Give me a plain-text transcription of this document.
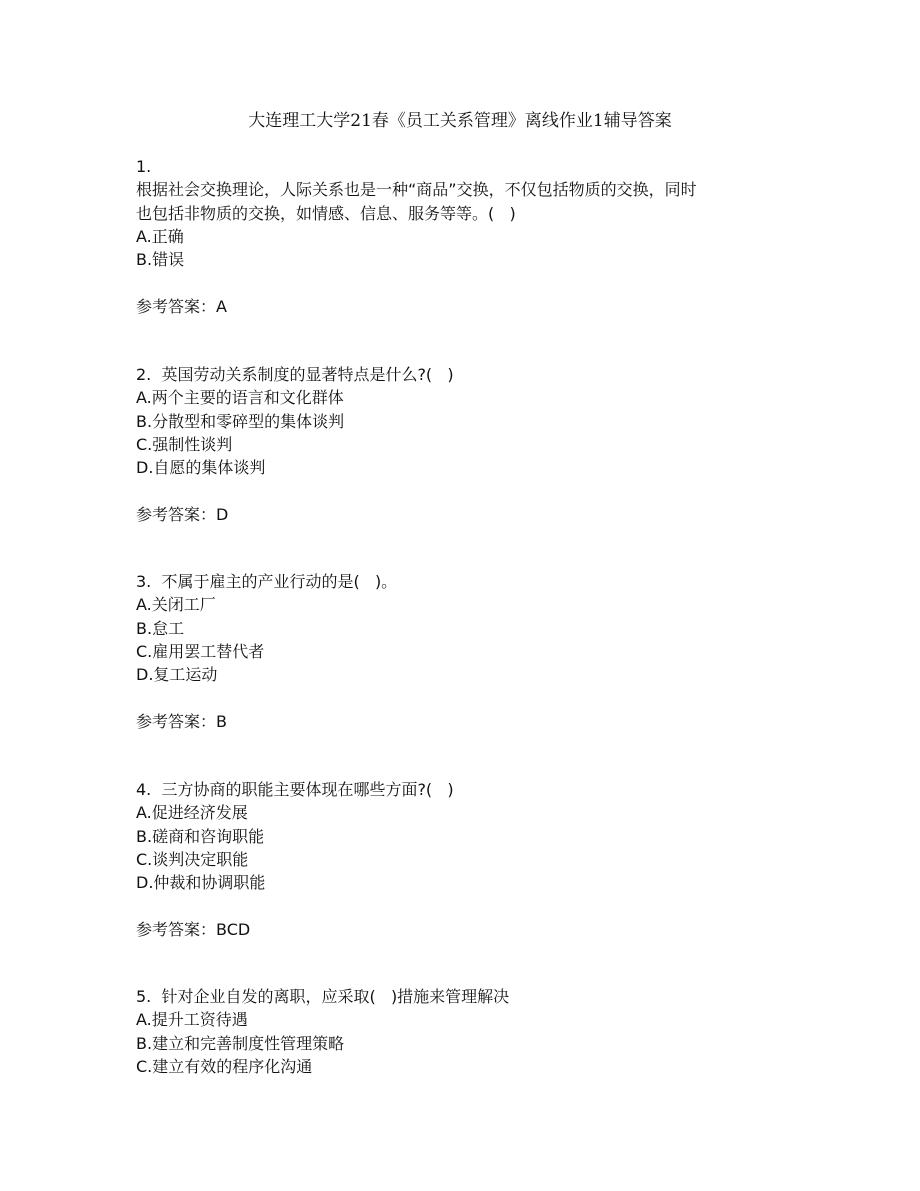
大连理工大学21春《员工关系管理》离线作业1辅导答案
1.
根据社会交换理论，人际关系也是一种“商品”交换，不仅包括物质的交换，同时
也包括非物质的交换，如情感、信息、服务等等。(   )
A.正确
B.错误
参考答案：A
2.  英国劳动关系制度的显著特点是什么?(   )
A.两个主要的语言和文化群体
B.分散型和零碎型的集体谈判
C.强制性谈判
D.自愿的集体谈判
参考答案：D
3.  不属于雇主的产业行动的是(   )。
A.关闭工厂
B.怠工
C.雇用罢工替代者
D.复工运动
参考答案：B
4.  三方协商的职能主要体现在哪些方面?(   )
A.促进经济发展
B.磋商和咨询职能
C.谈判决定职能
D.仲裁和协调职能
参考答案：BCD
5.  针对企业自发的离职，应采取(   )措施来管理解决
A.提升工资待遇
B.建立和完善制度性管理策略
C.建立有效的程序化沟通
